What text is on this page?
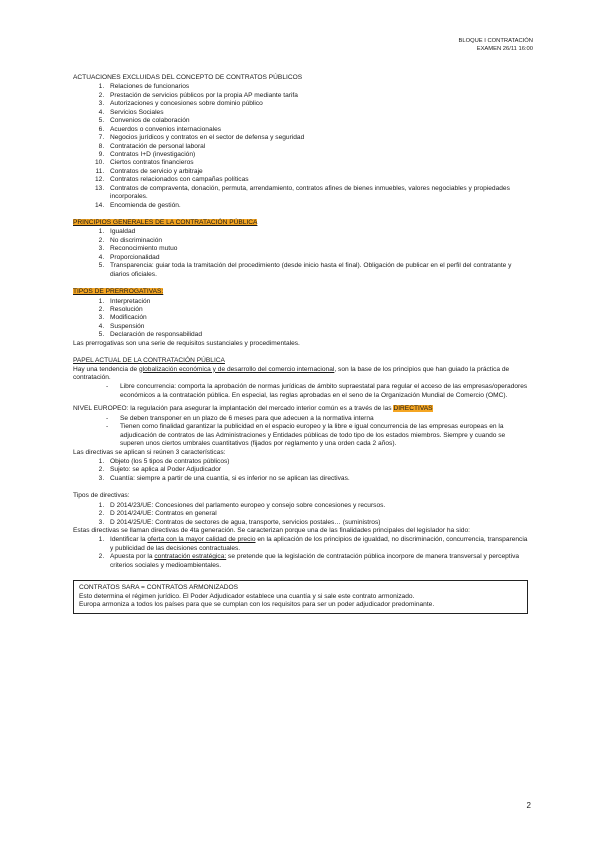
BLOQUE I CONTRATACIÓN
EXAMEN 26/11 16:00
ACTUACIONES EXCLUIDAS DEL CONCEPTO DE CONTRATOS PÚBLICOS
1. Relaciones de funcionarios
2. Prestación de servicios públicos por la propia AP mediante tarifa
3. Autorizaciones y concesiones sobre dominio público
4. Servicios Sociales
5. Convenios de colaboración
6. Acuerdos o convenios internacionales
7. Negocios jurídicos y contratos en el sector de defensa y seguridad
8. Contratación de personal laboral
9. Contratos I+D (investigación)
10. Ciertos contratos financieros
11. Contratos de servicio y arbitraje
12. Contratos relacionados con campañas políticas
13. Contratos de compraventa, donación, permuta, arrendamiento, contratos afines de bienes inmuebles, valores negociables y propiedades incorporales.
14. Encomienda de gestión.
PRINCIPIOS GENERALES DE LA CONTRATACIÓN PÚBLICA
1. Igualdad
2. No discriminación
3. Reconocimiento mutuo
4. Proporcionalidad
5. Transparencia: guiar toda la tramitación del procedimiento (desde inicio hasta el final). Obligación de publicar en el perfil del contratante y diarios oficiales.
TIPOS DE PRERROGATIVAS:
1. Interpretación
2. Resolución
3. Modificación
4. Suspensión
5. Declaración de responsabilidad
Las prerrogativas son una serie de requisitos sustanciales y procedimentales.
PAPEL ACTUAL DE LA CONTRATACIÓN PÚBLICA
Hay una tendencia de globalización económica y de desarrollo del comercio internacional, son la base de los principios que han guiado la práctica de contratación.
- Libre concurrencia: comporta la aprobación de normas jurídicas de ámbito supraestatal para regular el acceso de las empresas/operadores económicos a la contratación pública. En especial, las reglas aprobadas en el seno de la Organización Mundial de Comercio (OMC).
NIVEL EUROPEO: la regulación para asegurar la implantación del mercado interior común es a través de las DIRECTIVAS
- Se deben transponer en un plazo de 6 meses para que adecuen a la normativa interna
- Tienen como finalidad garantizar la publicidad en el espacio europeo y la libre e igual concurrencia de las empresas europeas en la adjudicación de contratos de las Administraciones y Entidades públicas de todo tipo de los estados miembros. Siempre y cuando se superen unos ciertos umbrales cuantitativos (fijados por reglamento y una orden cada 2 años).
Las directivas se aplican si reúnen 3 características:
1. Objeto (los 5 tipos de contratos públicos)
2. Sujeto: se aplica al Poder Adjudicador
3. Cuantía: siempre a partir de una cuantía, si es inferior no se aplican las directivas.
Tipos de directivas:
1. D 2014/23/UE: Concesiones del parlamento europeo y consejo sobre concesiones y recursos.
2. D 2014/24/UE: Contratos en general
3. D 2014/25/UE: Contratos de sectores de agua, transporte, servicios postales… (suministros)
Estas directivas se llaman directivas de 4ta generación. Se caracterizan porque una de las finalidades principales del legislador ha sido:
1. Identificar la oferta con la mayor calidad de precio en la aplicación de los principios de igualdad, no discriminación, concurrencia, transparencia y publicidad de las decisiones contractuales.
2. Apuesta por la contratación estratégica: se pretende que la legislación de contratación pública incorpore de manera transversal y perceptiva criterios sociales y medioambientales.
CONTRATOS SARA = CONTRATOS ARMONIZADOS
Esto determina el régimen jurídico. El Poder Adjudicador establece una cuantía y si sale este contrato armonizado.
Europa armoniza a todos los países para que se cumplan con los requisitos para ser un poder adjudicador predominante.
2
